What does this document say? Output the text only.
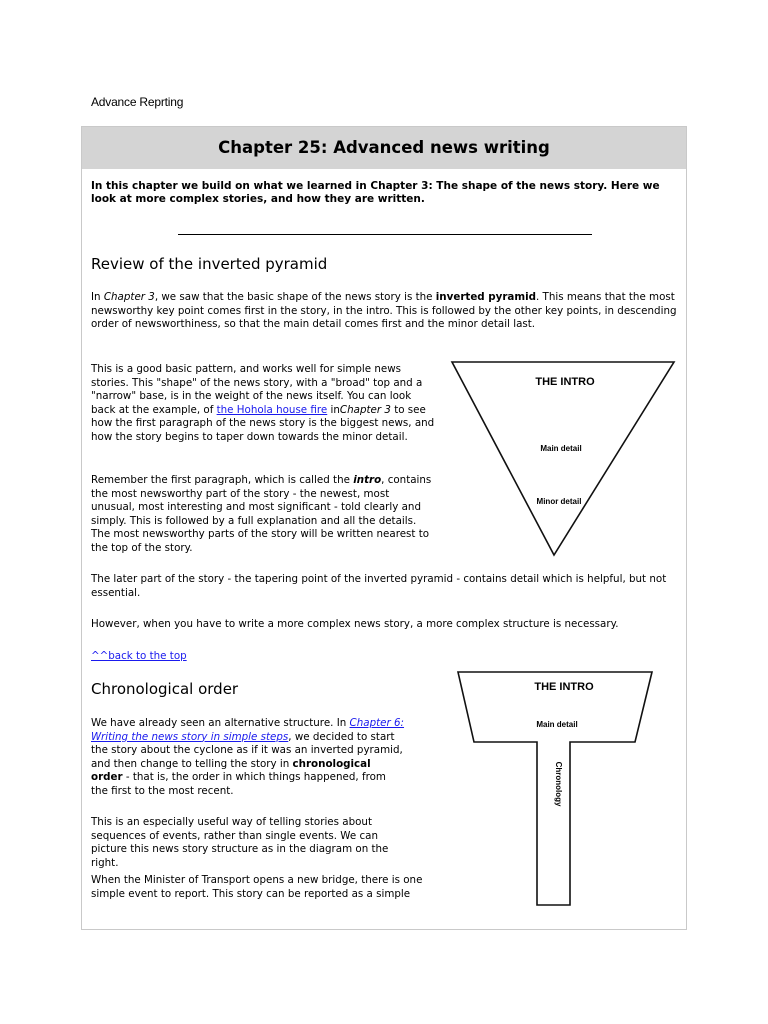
Advance Reprting
Chapter 25: Advanced news writing
In this chapter we build on what we learned in Chapter 3: The shape of the news story. Here we look at more complex stories, and how they are written.
Review of the inverted pyramid

In Chapter 3, we saw that the basic shape of the news story is the inverted pyramid. This means that the most newsworthy key point comes first in the story, in the intro. This is followed by the other key points, in descending order of newsworthiness, so that the main detail comes first and the minor detail last.

This is a good basic pattern, and works well for simple news stories. This "shape" of the news story, with a "broad" top and a "narrow" base, is in the weight of the news itself. You can look back at the example, of the Hohola house fire inChapter 3 to see how the first paragraph of the news story is the biggest news, and how the story begins to taper down towards the minor detail.

Remember the first paragraph, which is called the intro, contains the most newsworthy part of the story - the newest, most unusual, most interesting and most significant - told clearly and simply. This is followed by a full explanation and all the details. The most newsworthy parts of the story will be written nearest to the top of the story.

The later part of the story - the tapering point of the inverted pyramid - contains detail which is helpful, but not essential.

However, when you have to write a more complex news story, a more complex structure is necessary.

^^back to the top

THE INTRO
Main detail
Minor detail
Chronological order

We have already seen an alternative structure. In Chapter 6: Writing the news story in simple steps, we decided to start the story about the cyclone as if it was an inverted pyramid, and then change to telling the story in chronological order - that is, the order in which things happened, from the first to the most recent.

This is an especially useful way of telling stories about sequences of events, rather than single events. We can picture this news story structure as in the diagram on the right.

When the Minister of Transport opens a new bridge, there is one simple event to report. This story can be reported as a simple

THE INTRO
Main detail
Chronology
